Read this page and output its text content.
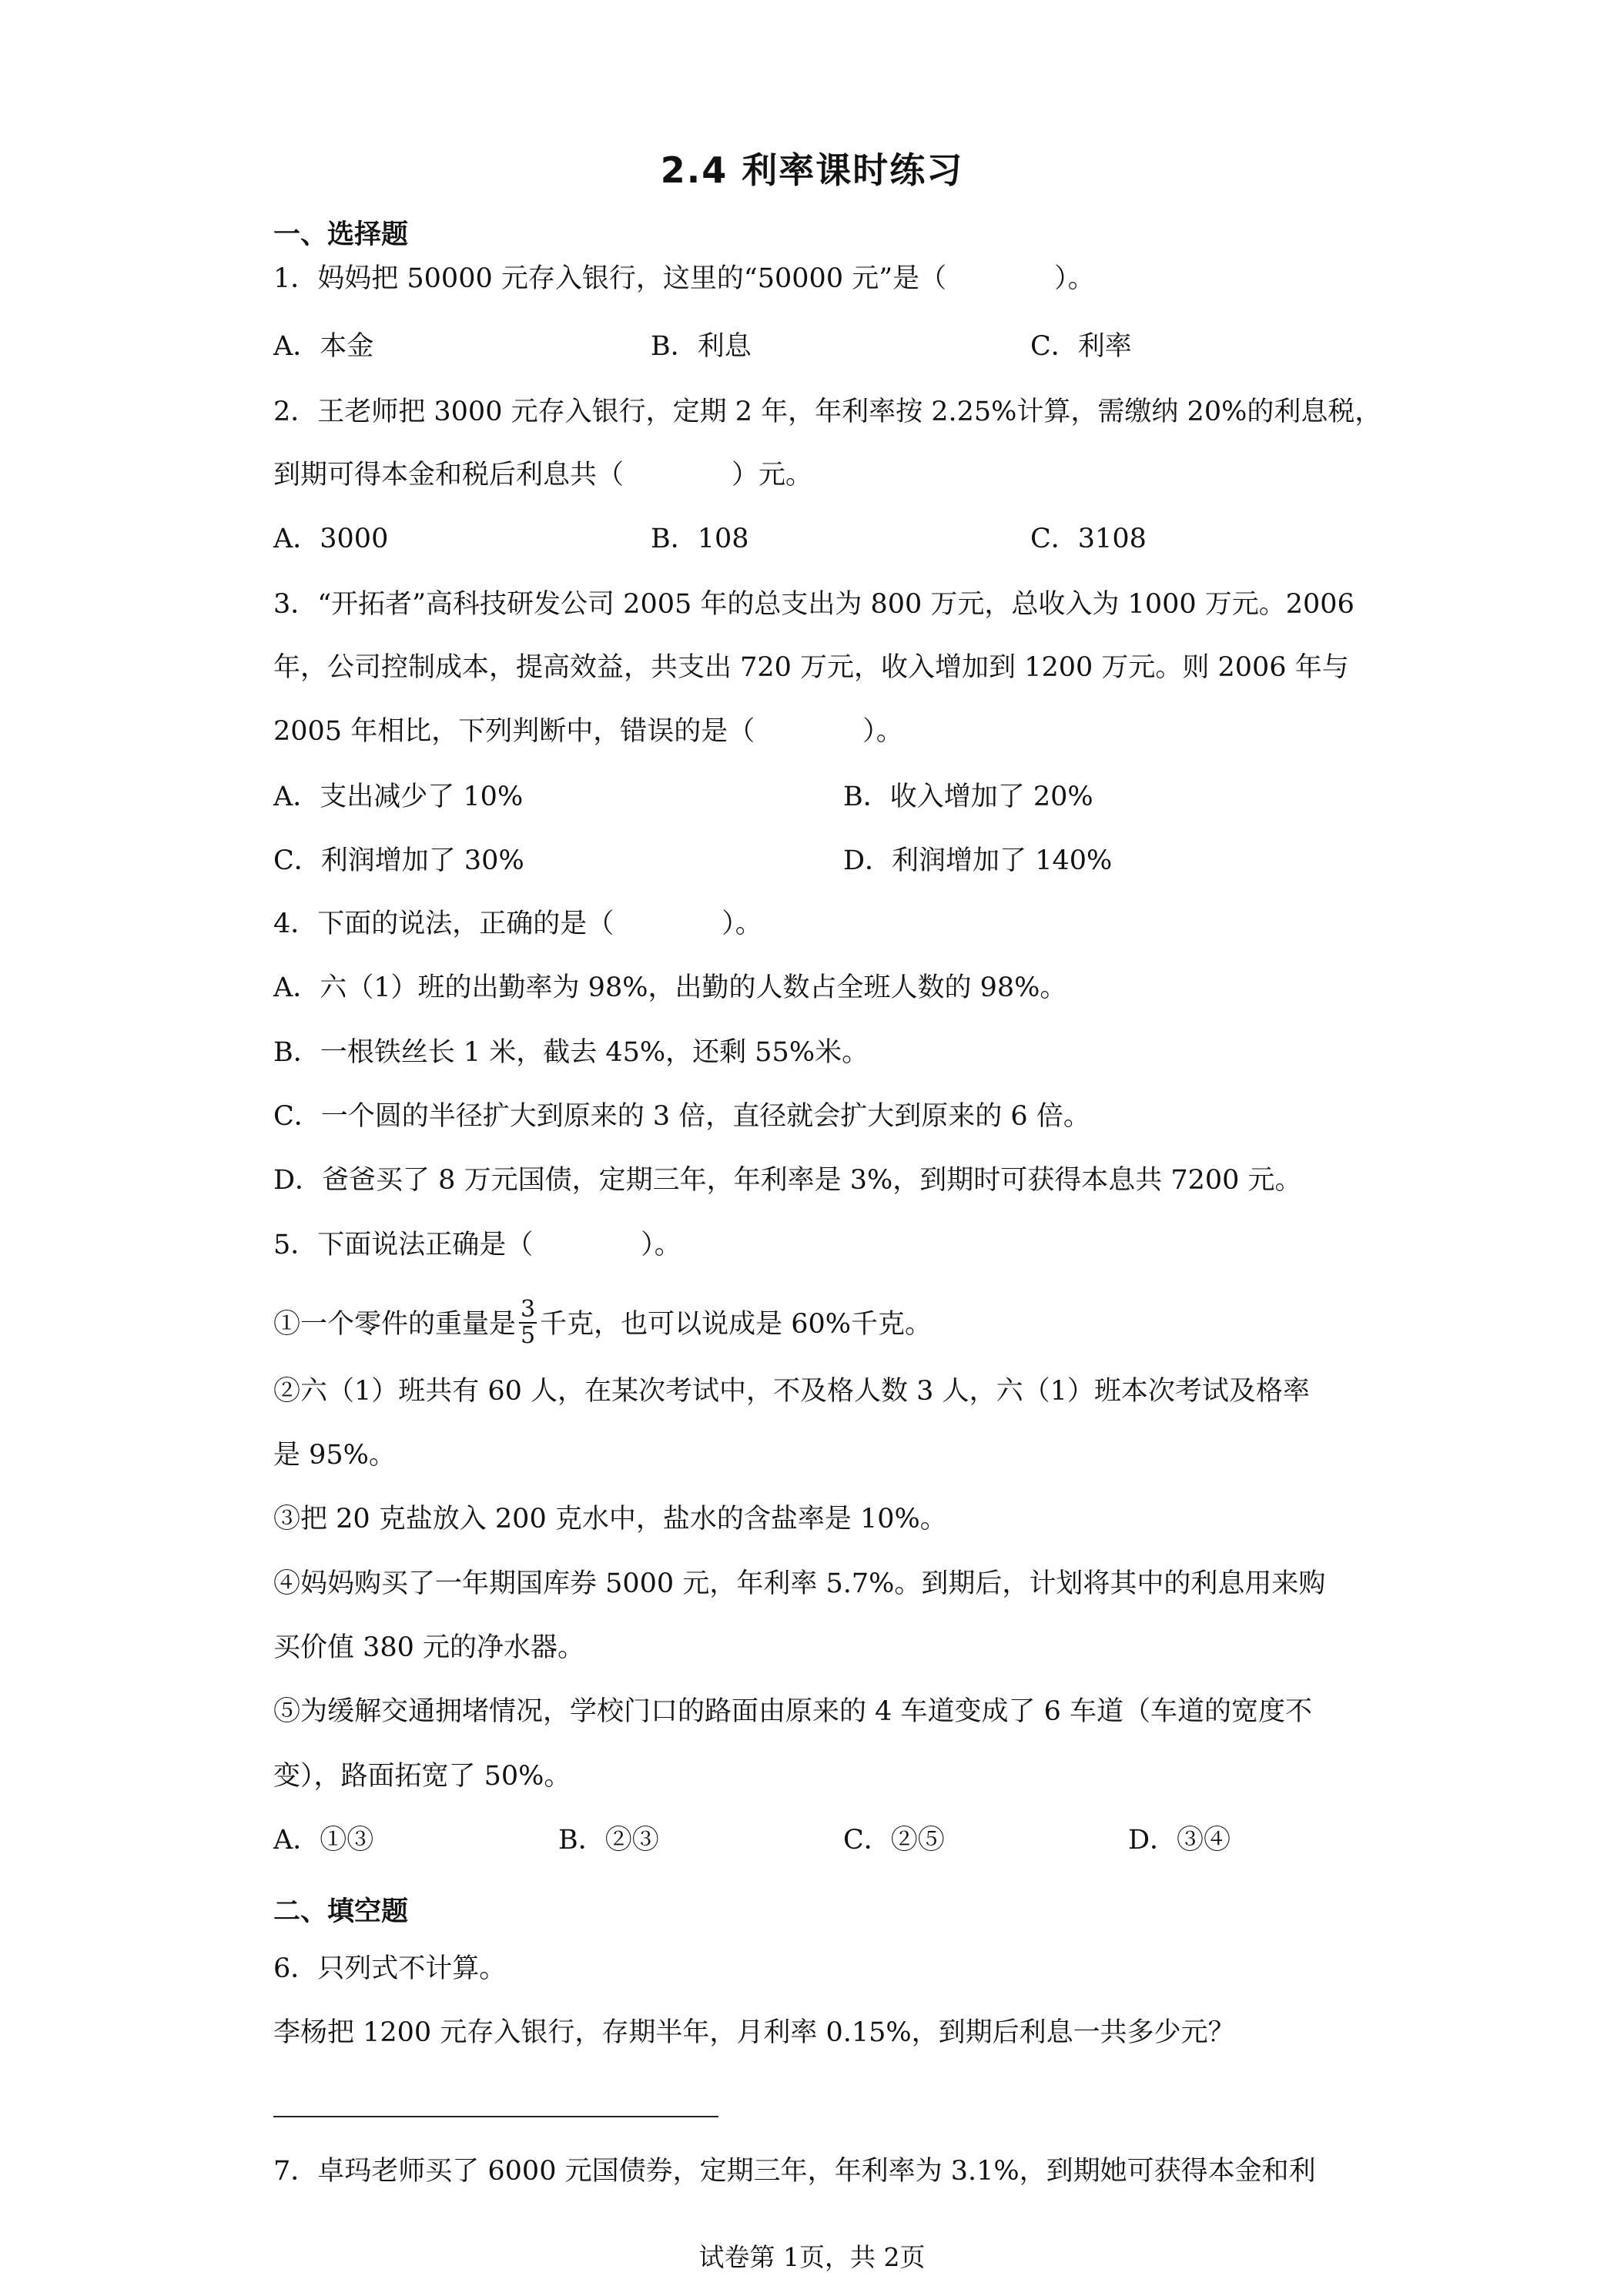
2.4 利率课时练习
一、选择题
1．妈妈把 50000 元存入银行，这里的“50000 元”是（　　　　）。
A．本金	B．利息	C．利率
2．王老师把 3000 元存入银行，定期 2 年，年利率按 2.25%计算，需缴纳 20%的利息税，
到期可得本金和税后利息共（　　　　）元。
A．3000	B．108	C．3108
3．“开拓者”高科技研发公司 2005 年的总支出为 800 万元，总收入为 1000 万元。2006
年，公司控制成本，提高效益，共支出 720 万元，收入增加到 1200 万元。则 2006 年与
2005 年相比，下列判断中，错误的是（　　　　）。
A．支出减少了 10%	B．收入增加了 20%
C．利润增加了 30%	D．利润增加了 140%
4．下面的说法，正确的是（　　　　）。
A．六（1）班的出勤率为 98%，出勤的人数占全班人数的 98%。
B．一根铁丝长 1 米，截去 45%，还剩 55%米。
C．一个圆的半径扩大到原来的 3 倍，直径就会扩大到原来的 6 倍。
D．爸爸买了 8 万元国债，定期三年，年利率是 3%，到期时可获得本息共 7200 元。
5．下面说法正确是（　　　　）。
①一个零件的重量是 $\frac{3}{5}$ 千克，也可以说成是 60%千克。
②六（1）班共有 60 人，在某次考试中，不及格人数 3 人，六（1）班本次考试及格率
是 95%。
③把 20 克盐放入 200 克水中，盐水的含盐率是 10%。
④妈妈购买了一年期国库券 5000 元，年利率 5.7%。到期后，计划将其中的利息用来购
买价值 380 元的净水器。
⑤为缓解交通拥堵情况，学校门口的路面由原来的 4 车道变成了 6 车道（车道的宽度不
变），路面拓宽了 50%。
A．①③	B．②③	C．②⑤	D．③④
二、填空题
6．只列式不计算。
李杨把 1200 元存入银行，存期半年，月利率 0.15%，到期后利息一共多少元？
7．卓玛老师买了 6000 元国债券，定期三年，年利率为 3.1%，到期她可获得本金和利
试卷第 1页，共 2页
